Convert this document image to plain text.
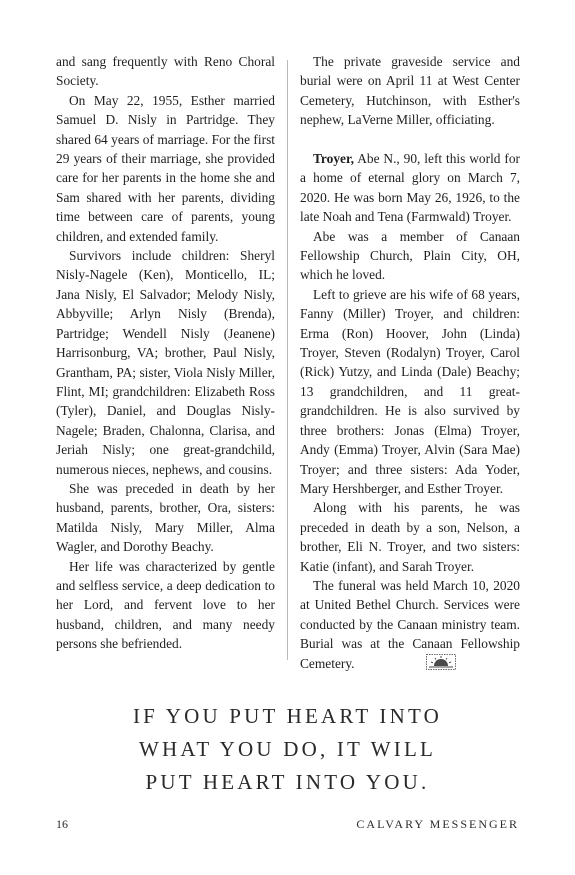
and sang frequently with Reno Choral Society.

On May 22, 1955, Esther married Samuel D. Nisly in Partridge. They shared 64 years of marriage. For the first 29 years of their marriage, she provided care for her parents in the home she and Sam shared with her parents, dividing time between care of parents, young children, and extended family.

Survivors include children: Sheryl Nisly-Nagele (Ken), Monticello, IL; Jana Nisly, El Salvador; Melody Nisly, Abbyville; Arlyn Nisly (Brenda), Partridge; Wendell Nisly (Jeanene) Harrisonburg, VA; brother, Paul Nisly, Grantham, PA; sister, Viola Nisly Miller, Flint, MI; grandchildren: Elizabeth Ross (Tyler), Daniel, and Douglas Nisly-Nagele; Braden, Chalonna, Clarisa, and Jeriah Nisly; one great-grandchild, numerous nieces, nephews, and cousins.

She was preceded in death by her husband, parents, brother, Ora, sisters: Matilda Nisly, Mary Miller, Alma Wagler, and Dorothy Beachy.

Her life was characterized by gentle and selfless service, a deep dedication to her Lord, and fervent love to her husband, children, and many needy persons she befriended.

The private graveside service and burial were on April 11 at West Center Cemetery, Hutchinson, with Esther's nephew, LaVerne Miller, officiating.

Troyer, Abe N., 90, left this world for a home of eternal glory on March 7, 2020. He was born May 26, 1926, to the late Noah and Tena (Farmwald) Troyer.

Abe was a member of Canaan Fellowship Church, Plain City, OH, which he loved.

Left to grieve are his wife of 68 years, Fanny (Miller) Troyer, and children: Erma (Ron) Hoover, John (Linda) Troyer, Steven (Rodalyn) Troyer, Carol (Rick) Yutzy, and Linda (Dale) Beachy; 13 grandchildren, and 11 great-grandchildren. He is also survived by three brothers: Jonas (Elma) Troyer, Andy (Emma) Troyer, Alvin (Sara Mae) Troyer; and three sisters: Ada Yoder, Mary Hershberger, and Esther Troyer.

Along with his parents, he was preceded in death by a son, Nelson, a brother, Eli N. Troyer, and two sisters: Katie (infant), and Sarah Troyer.

The funeral was held March 10, 2020 at United Bethel Church. Services were conducted by the Canaan ministry team. Burial was at the Canaan Fellowship Cemetery.

IF YOU PUT HEART INTO
WHAT YOU DO, IT WILL
PUT HEART INTO YOU.
16	CALVARY MESSENGER
